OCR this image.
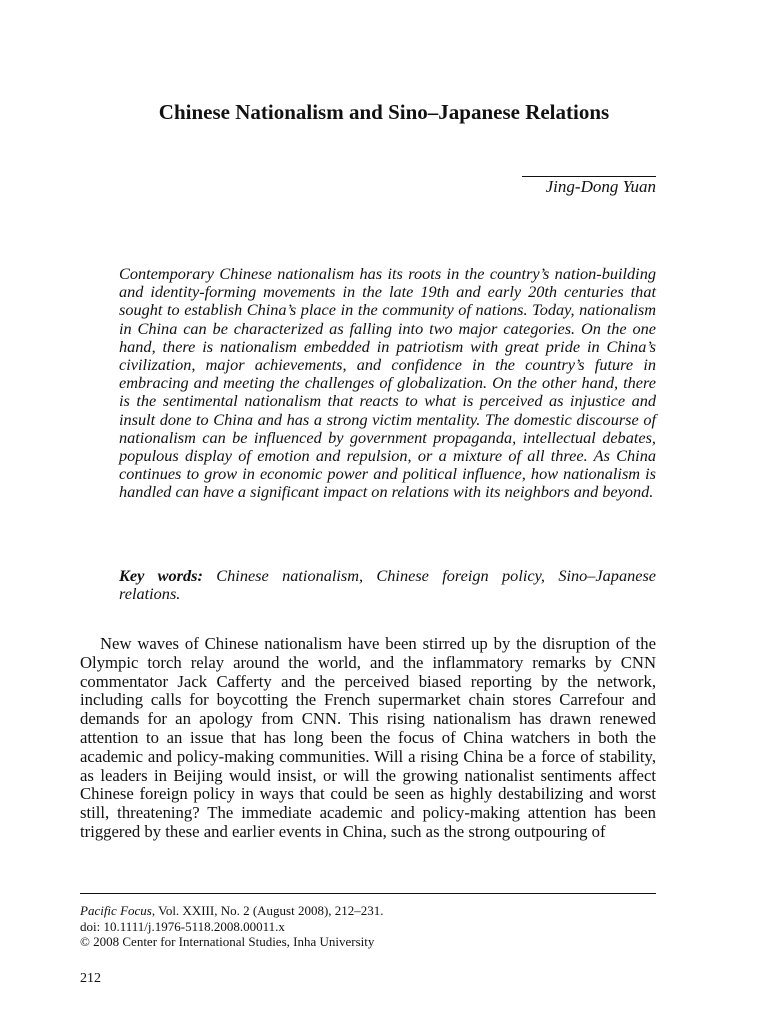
Chinese Nationalism and Sino–Japanese Relations
Jing-Dong Yuan

Contemporary Chinese nationalism has its roots in the country’s nation-building and identity-forming movements in the late 19th and early 20th centuries that sought to establish China’s place in the community of nations. Today, nationalism in China can be characterized as falling into two major categories. On the one hand, there is nationalism embedded in patriotism with great pride in China’s civilization, major achievements, and confidence in the country’s future in embracing and meeting the challenges of globalization. On the other hand, there is the sentimental nationalism that reacts to what is perceived as injustice and insult done to China and has a strong victim mentality. The domestic discourse of nationalism can be influenced by government propaganda, intellectual debates, populous display of emotion and repulsion, or a mixture of all three. As China continues to grow in economic power and political influence, how nationalism is handled can have a significant impact on relations with its neighbors and beyond.

Key words: Chinese nationalism, Chinese foreign policy, Sino–Japanese relations.

New waves of Chinese nationalism have been stirred up by the disruption of the Olympic torch relay around the world, and the inflammatory remarks by CNN commentator Jack Cafferty and the perceived biased reporting by the network, including calls for boycotting the French supermarket chain stores Carrefour and demands for an apology from CNN. This rising nationalism has drawn renewed attention to an issue that has long been the focus of China watchers in both the academic and policy-making communities. Will a rising China be a force of stability, as leaders in Beijing would insist, or will the growing nationalist sentiments affect Chinese foreign policy in ways that could be seen as highly destabilizing and worst still, threatening? The immediate academic and policy-making attention has been triggered by these and earlier events in China, such as the strong outpouring of

Pacific Focus, Vol. XXIII, No. 2 (August 2008), 212–231.
doi: 10.1111/j.1976-5118.2008.00011.x
© 2008 Center for International Studies, Inha University
212
